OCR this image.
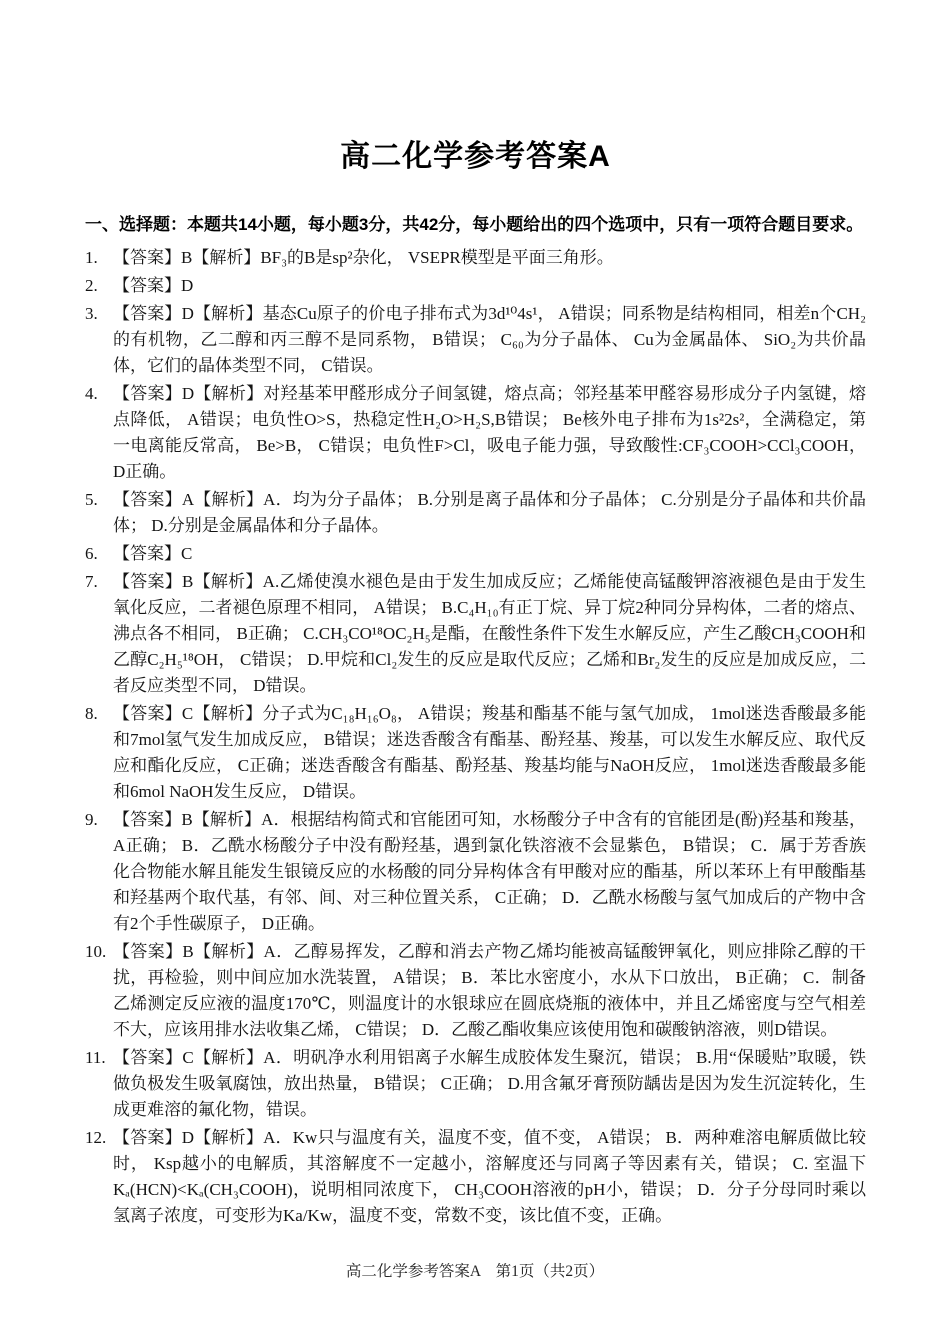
高二化学参考答案A
一、选择题：本题共14小题，每小题3分，共42分，每小题给出的四个选项中，只有一项符合题目要求。
1. 【答案】B【解析】BF₃的B是sp²杂化， VSEPR模型是平面三角形。
2. 【答案】D
3. 【答案】D【解析】基态Cu原子的价电子排布式为3d¹⁰4s¹， A错误；同系物是结构相同，相差n个CH₂的有机物，乙二醇和丙三醇不是同系物， B错误； C₆₀为分子晶体、 Cu为金属晶体、 SiO₂为共价晶体，它们的晶体类型不同， C错误。
4. 【答案】D【解析】对羟基苯甲醛形成分子间氢键，熔点高；邻羟基苯甲醛容易形成分子内氢键，熔点降低， A错误；电负性O>S，热稳定性H₂O>H₂S,B错误； Be核外电子排布为1s²2s²，全满稳定，第一电离能反常高， Be>B， C错误；电负性F>Cl，吸电子能力强，导致酸性:CF₃COOH>CCl₃COOH， D正确。
5. 【答案】A【解析】A．均为分子晶体； B.分别是离子晶体和分子晶体； C.分别是分子晶体和共价晶体； D.分别是金属晶体和分子晶体。
6. 【答案】C
7. 【答案】B【解析】A.乙烯使溴水褪色是由于发生加成反应；乙烯能使高锰酸钾溶液褪色是由于发生氧化反应，二者褪色原理不相同， A错误； B.C₄H₁₀有正丁烷、异丁烷2种同分异构体，二者的熔点、沸点各不相同， B正确； C.CH₃CO¹⁸OC₂H₅是酯，在酸性条件下发生水解反应，产生乙酸CH₃COOH和乙醇C₂H₅¹⁸OH， C错误； D.甲烷和Cl₂发生的反应是取代反应；乙烯和Br₂发生的反应是加成反应，二者反应类型不同， D错误。
8. 【答案】C【解析】分子式为C₁₈H₁₆O₈， A错误；羧基和酯基不能与氢气加成， 1mol迷迭香酸最多能和7mol氢气发生加成反应， B错误；迷迭香酸含有酯基、酚羟基、羧基，可以发生水解反应、取代反应和酯化反应， C正确；迷迭香酸含有酯基、酚羟基、羧基均能与NaOH反应， 1mol迷迭香酸最多能和6mol NaOH发生反应， D错误。
9. 【答案】B【解析】A．根据结构简式和官能团可知，水杨酸分子中含有的官能团是(酚)羟基和羧基， A正确； B．乙酰水杨酸分子中没有酚羟基，遇到氯化铁溶液不会显紫色， B错误； C．属于芳香族化合物能水解且能发生银镜反应的水杨酸的同分异构体含有甲酸对应的酯基，所以苯环上有甲酸酯基和羟基两个取代基，有邻、间、对三种位置关系， C正确； D．乙酰水杨酸与氢气加成后的产物中含有2个手性碳原子， D正确。
10. 【答案】B【解析】A．乙醇易挥发，乙醇和消去产物乙烯均能被高锰酸钾氧化，则应排除乙醇的干扰，再检验，则中间应加水洗装置， A错误； B．苯比水密度小，水从下口放出， B正确； C．制备乙烯测定反应液的温度170℃，则温度计的水银球应在圆底烧瓶的液体中，并且乙烯密度与空气相差不大，应该用排水法收集乙烯， C错误； D．乙酸乙酯收集应该使用饱和碳酸钠溶液，则D错误。
11. 【答案】C【解析】A．明矾净水利用铝离子水解生成胶体发生聚沉，错误； B.用“保暖贴”取暖，铁做负极发生吸氧腐蚀，放出热量， B错误； C正确； D.用含氟牙膏预防龋齿是因为发生沉淀转化，生成更难溶的氟化物，错误。
12. 【答案】D【解析】A．Kw只与温度有关，温度不变，值不变， A错误； B．两种难溶电解质做比较时， Ksp越小的电解质，其溶解度不一定越小，溶解度还与同离子等因素有关，错误； C. 室温下Kₐ(HCN)<Kₐ(CH₃COOH)，说明相同浓度下， CH₃COOH溶液的pH小，错误； D．分子分母同时乘以氢离子浓度，可变形为Ka/Kw，温度不变，常数不变，该比值不变，正确。
高二化学参考答案A　第1页（共2页）
